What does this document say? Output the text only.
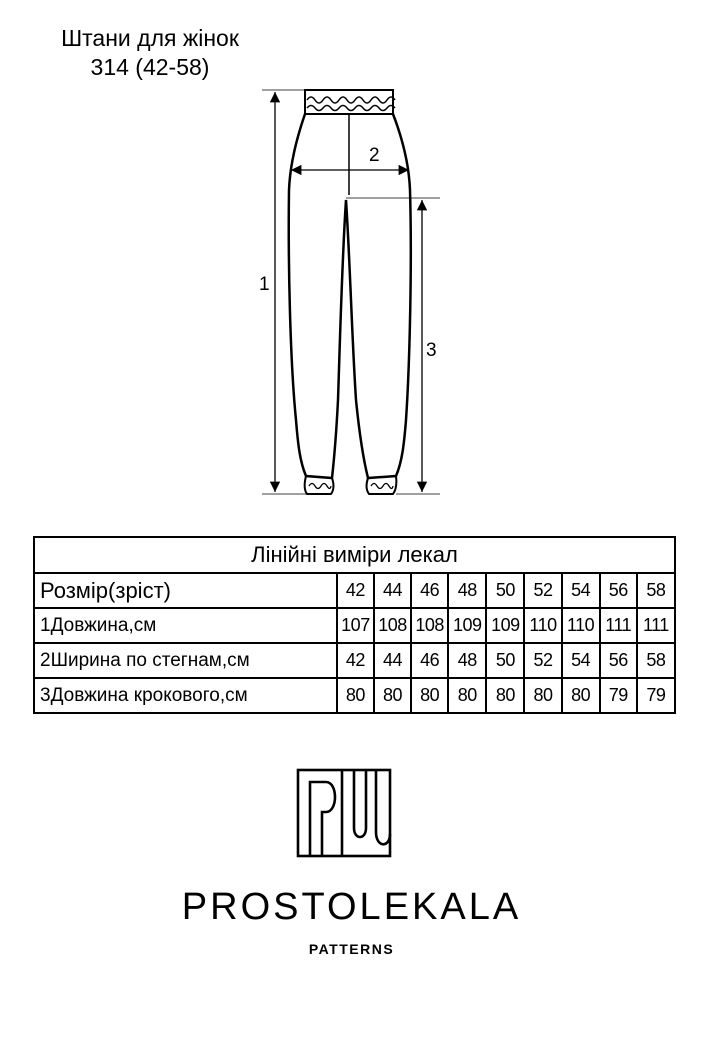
Штани для жінок
314 (42-58)
1
2
3
Лінійні виміри лекал									
Розмір(зріст)	42	44	46	48	50	52	54	56	58
1Довжина,см	107	108	108	109	109	110	110	111	111
2Ширина по стегнам,см	42	44	46	48	50	52	54	56	58
3Довжина крокового,см	80	80	80	80	80	80	80	79	79
PROSTOLEKALA
PATTERNS
